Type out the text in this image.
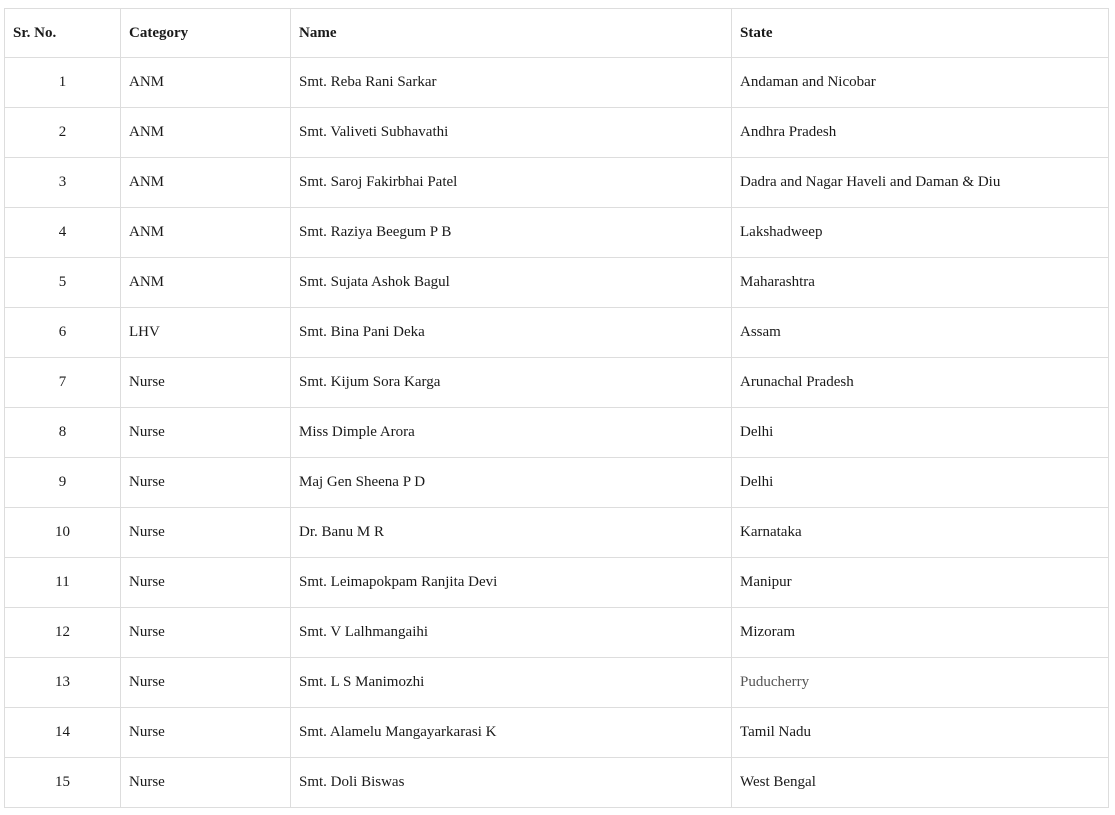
Sr. No.	Category	Name	State
1	ANM	Smt. Reba Rani Sarkar	Andaman and Nicobar
2	ANM	Smt. Valiveti Subhavathi	Andhra Pradesh
3	ANM	Smt. Saroj Fakirbhai Patel	Dadra and Nagar Haveli and Daman & Diu
4	ANM	Smt. Raziya Beegum P B	Lakshadweep
5	ANM	Smt. Sujata Ashok Bagul	Maharashtra
6	LHV	Smt. Bina Pani Deka	Assam
7	Nurse	Smt. Kijum Sora Karga	Arunachal Pradesh
8	Nurse	Miss Dimple Arora	Delhi
9	Nurse	Maj Gen Sheena P D	Delhi
10	Nurse	Dr. Banu M R	Karnataka
11	Nurse	Smt. Leimapokpam Ranjita Devi	Manipur
12	Nurse	Smt. V Lalhmangaihi	Mizoram
13	Nurse	Smt. L S Manimozhi	Puducherry
14	Nurse	Smt. Alamelu Mangayarkarasi K	Tamil Nadu
15	Nurse	Smt. Doli Biswas	West Bengal
